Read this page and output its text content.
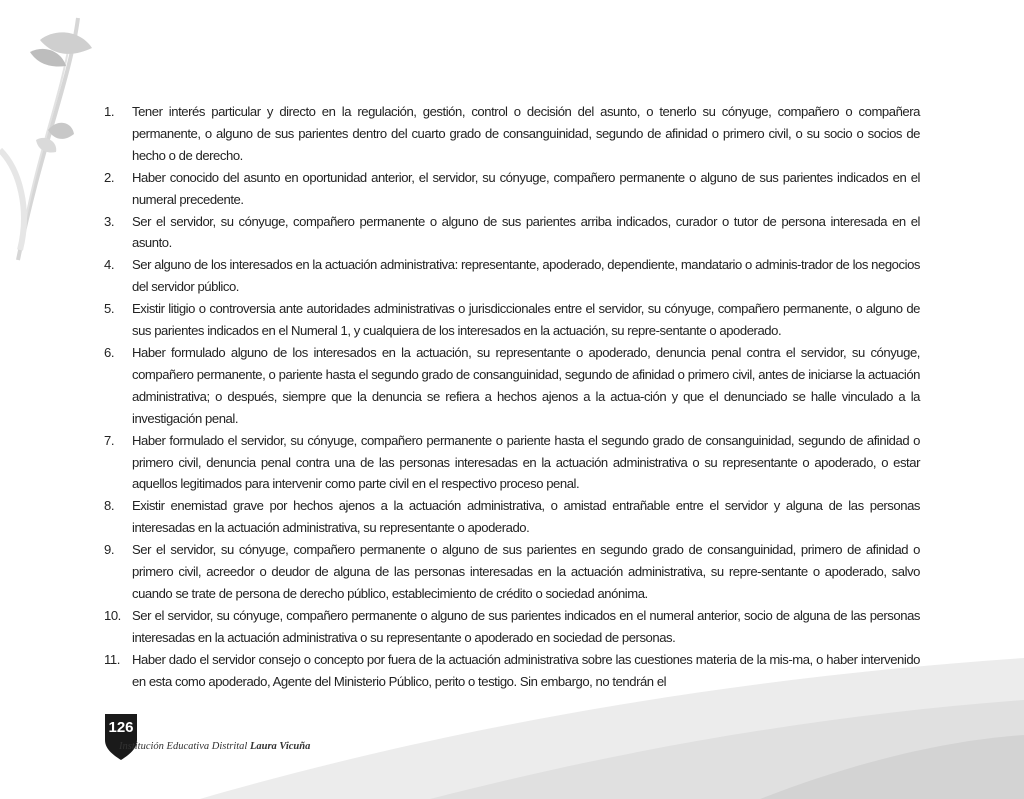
1.	Tener interés particular y directo en la regulación, gestión, control o decisión del asunto, o tenerlo su cónyuge, compañero o compañera permanente, o alguno de sus parientes dentro del cuarto grado de consanguinidad, segundo de afinidad o primero civil, o su socio o socios de hecho o de derecho.
2.	Haber conocido del asunto en oportunidad anterior, el servidor, su cónyuge, compañero permanente o alguno de sus parientes indicados en el numeral precedente.
3.	Ser el servidor, su cónyuge, compañero permanente o alguno de sus parientes arriba indicados, curador o tutor de persona interesada en el asunto.
4.	Ser alguno de los interesados en la actuación administrativa: representante, apoderado, dependiente, mandatario o adminis-trador de los negocios del servidor público.
5.	Existir litigio o controversia ante autoridades administrativas o jurisdiccionales entre el servidor, su cónyuge, compañero permanente, o alguno de sus parientes indicados en el Numeral 1, y cualquiera de los interesados en la actuación, su repre-sentante o apoderado.
6.	Haber formulado alguno de los interesados en la actuación, su representante o apoderado, denuncia penal contra el servidor, su cónyuge, compañero permanente, o pariente hasta el segundo grado de consanguinidad, segundo de afinidad o primero civil, antes de iniciarse la actuación administrativa; o después, siempre que la denuncia se refiera a hechos ajenos a la actua-ción y que el denunciado se halle vinculado a la investigación penal.
7.	Haber formulado el servidor, su cónyuge, compañero permanente o pariente hasta el segundo grado de consanguinidad, segundo de afinidad o primero civil, denuncia penal contra una de las personas interesadas en la actuación administrativa o su representante o apoderado, o estar aquellos legitimados para intervenir como parte civil en el respectivo proceso penal.
8.	Existir enemistad grave por hechos ajenos a la actuación administrativa, o amistad entrañable entre el servidor y alguna de las personas interesadas en la actuación administrativa, su representante o apoderado.
9.	Ser el servidor, su cónyuge, compañero permanente o alguno de sus parientes en segundo grado de consanguinidad, primero de afinidad o primero civil, acreedor o deudor de alguna de las personas interesadas en la actuación administrativa, su repre-sentante o apoderado, salvo cuando se trate de persona de derecho público, establecimiento de crédito o sociedad anónima.
10. Ser el servidor, su cónyuge, compañero permanente o alguno de sus parientes indicados en el numeral anterior, socio de alguna de las personas interesadas en la actuación administrativa o su representante o apoderado en sociedad de personas.
11. Haber dado el servidor consejo o concepto por fuera de la actuación administrativa sobre las cuestiones materia de la mis-ma, o haber intervenido en esta como apoderado, Agente del Ministerio Público, perito o testigo. Sin embargo, no tendrán el
126
Institución Educativa Distrital Laura Vicuña
